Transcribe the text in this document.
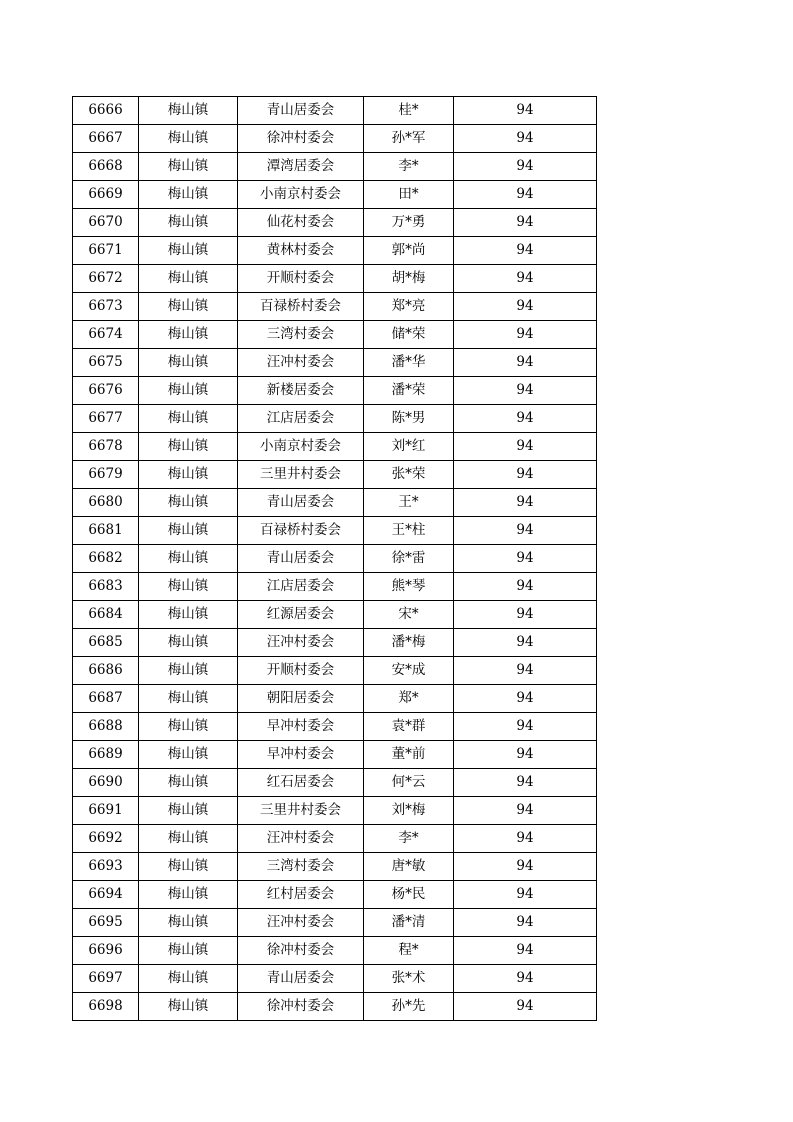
6666	梅山镇	青山居委会	桂*	94
6667	梅山镇	徐冲村委会	孙*军	94
6668	梅山镇	潭湾居委会	李*	94
6669	梅山镇	小南京村委会	田*	94
6670	梅山镇	仙花村委会	万*勇	94
6671	梅山镇	黄林村委会	郭*尚	94
6672	梅山镇	开顺村委会	胡*梅	94
6673	梅山镇	百禄桥村委会	郑*亮	94
6674	梅山镇	三湾村委会	储*荣	94
6675	梅山镇	汪冲村委会	潘*华	94
6676	梅山镇	新楼居委会	潘*荣	94
6677	梅山镇	江店居委会	陈*男	94
6678	梅山镇	小南京村委会	刘*红	94
6679	梅山镇	三里井村委会	张*荣	94
6680	梅山镇	青山居委会	王*	94
6681	梅山镇	百禄桥村委会	王*柱	94
6682	梅山镇	青山居委会	徐*雷	94
6683	梅山镇	江店居委会	熊*琴	94
6684	梅山镇	红源居委会	宋*	94
6685	梅山镇	汪冲村委会	潘*梅	94
6686	梅山镇	开顺村委会	安*成	94
6687	梅山镇	朝阳居委会	郑*	94
6688	梅山镇	早冲村委会	袁*群	94
6689	梅山镇	早冲村委会	董*前	94
6690	梅山镇	红石居委会	何*云	94
6691	梅山镇	三里井村委会	刘*梅	94
6692	梅山镇	汪冲村委会	李*	94
6693	梅山镇	三湾村委会	唐*敏	94
6694	梅山镇	红村居委会	杨*民	94
6695	梅山镇	汪冲村委会	潘*清	94
6696	梅山镇	徐冲村委会	程*	94
6697	梅山镇	青山居委会	张*术	94
6698	梅山镇	徐冲村委会	孙*先	94
